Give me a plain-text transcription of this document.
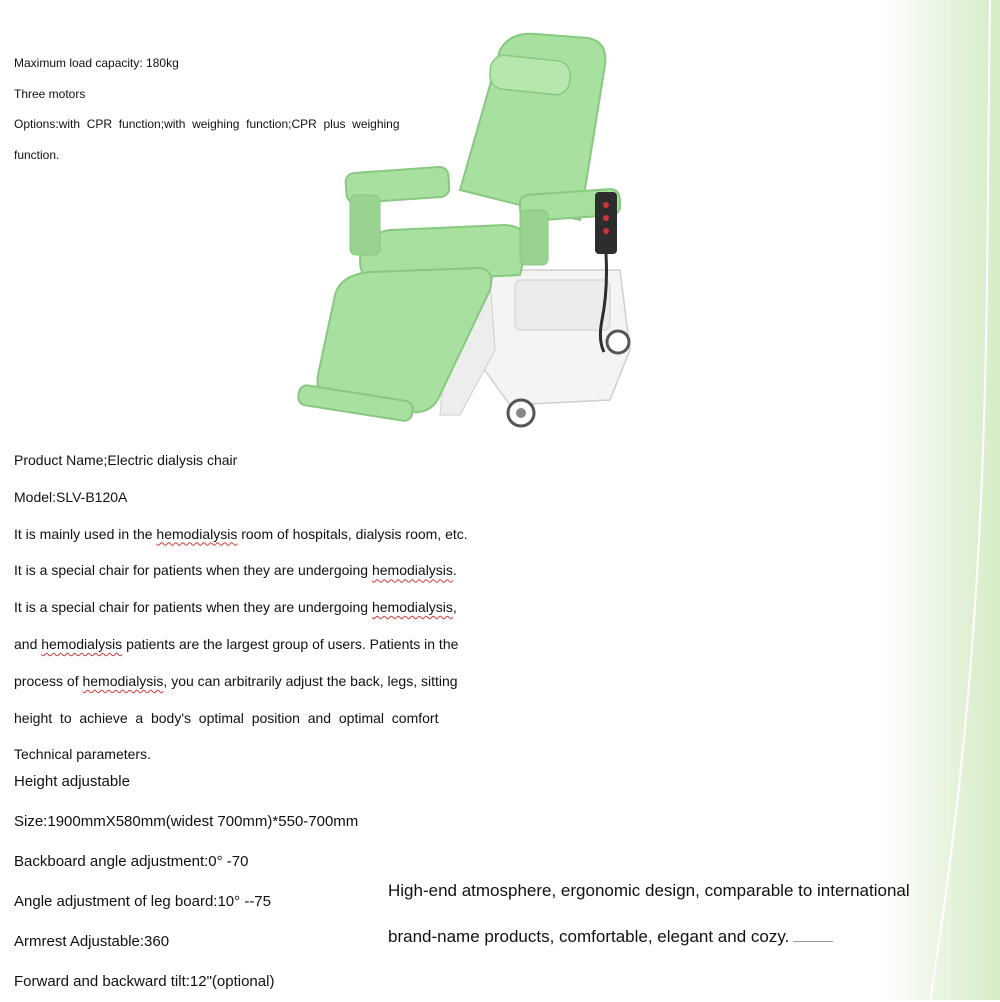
Maximum load capacity: 180kg

Three motors

Options:with  CPR  function;with  weighing  function;CPR  plus  weighing

function.

Product Name;Electric dialysis chair

Model:SLV-B120A

It is mainly used in the hemodialysis room of hospitals, dialysis room, etc.

It is a special chair for patients when they are undergoing hemodialysis.

It is a special chair for patients when they are undergoing hemodialysis,

and hemodialysis patients are the largest group of users. Patients in the

process of hemodialysis, you can arbitrarily adjust the back, legs, sitting

height  to  achieve  a  body's  optimal  position  and  optimal  comfort

Technical parameters.

Height adjustable

Size:1900mmX580mm(widest 700mm)*550-700mm

Backboard angle adjustment:0° -70

Angle adjustment of leg board:10° --75

Armrest Adjustable:360

Forward and backward tilt:12"(optional)

High-end atmosphere, ergonomic design, comparable to international

brand-name products, comfortable, elegant and cozy.
